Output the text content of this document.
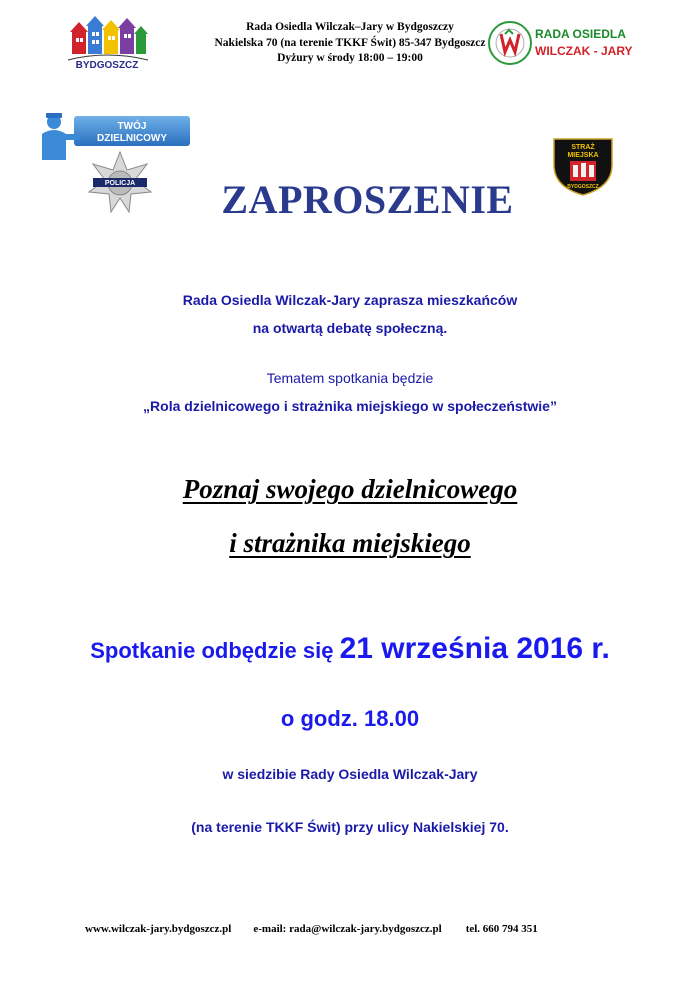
BYDGOSZCZ
Rada Osiedla Wilczak–Jary w Bydgoszczy
Nakielska 70 (na terenie TKKF Świt) 85-347 Bydgoszcz
Dyżury w środy 18:00 – 19:00
RADA OSIEDLA
WILCZAK - JARY
TWÓJ
DZIELNICOWY
POLICJA
STRAŻ
MIEJSKA
BYDGOSZCZ
ZAPROSZENIE
Rada Osiedla Wilczak-Jary zaprasza mieszkańców
na otwartą debatę społeczną.
Tematem spotkania będzie
„Rola dzielnicowego i strażnika miejskiego w społeczeństwie”
Poznaj swojego dzielnicowego
i strażnika miejskiego
Spotkanie odbędzie się 21 września 2016 r.
o godz. 18.00
w siedzibie Rady Osiedla Wilczak-Jary
(na terenie TKKF Świt) przy ulicy Nakielskiej 70.
www.wilczak-jary.bydgoszcz.pl e-mail: rada@wilczak-jary.bydgoszcz.pl tel. 660 794 351
